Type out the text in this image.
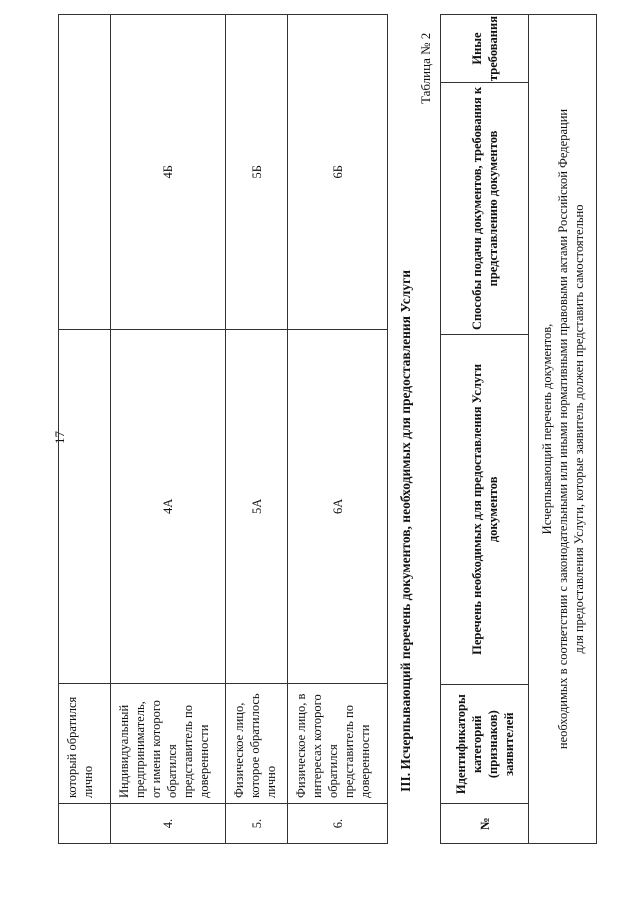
17
	который обратился лично		
4.	Индивидуальный предприниматель, от имени которого обратился представитель по доверенности	4А	4Б
5.	Физическое лицо, которое обратилось лично	5А	5Б
6.	Физическое лицо, в интересах которого обратился представитель по доверенности	6А	6Б
III. Исчерпывающий перечень документов, необходимых для предоставления Услуги
Таблица № 2
№	Идентификаторы категорий (признаков) заявителей	Перечень необходимых для предоставления Услуги документов	Способы подачи документов, требования к представлению документов	Иные требования

Исчерпывающий перечень документов, необходимых в соответствии с законодательными или иными нормативными правовыми актами Российской Федерации для предоставления Услуги, которые заявитель должен представить самостоятельно
